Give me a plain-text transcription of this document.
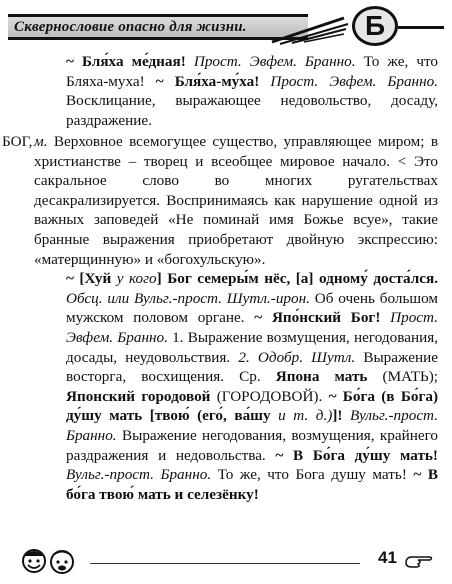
Сквернословие опасно для жизни.	Б

~ Бля́ха ме́дная! Прост. Эвфем. Бранно. То же, что Бляха-муха! ~ Бля́ха-му́ха! Прост. Эвфем. Бранно. Восклицание, выражающее недовольство, досаду, раздражение.

БОГ, м. Верховное всемогущее существо, управляющее миром; в христианстве – творец и всеобщее мировое начало. < Это сакральное слово во многих ругательствах десакрализируется. Воспринимаясь как нарушение одной из важных заповедей «Не поминай имя Божье всуе», такие бранные выражения приобретают двойную экспрессию: «матерщинную» и «богохульскую».

~ [Хуй у кого] Бог семеры́м нёс, [а] одному́ доста́лся. Обсц. или Вульг.-прост. Шутл.-ирон. Об очень большом мужском половом органе. ~ Япо́нский Бог! Прост. Эвфем. Бранно. 1. Выражение возмущения, негодования, досады, неудовольствия. 2. Одобр. Шутл. Выражение восторга, восхищения. Ср. Япона мать (МАТЬ); Японский городовой (ГОРОДОВОЙ). ~ Бо́га (в Бо́га) ду́шу мать [твою́ (его́, ва́шу и т. д.)]! Вульг.-прост. Бранно. Выражение негодования, возмущения, крайнего раздражения и недовольства. ~ В Бо́га ду́шу мать! Вульг.-прост. Бранно. То же, что Бога душу мать! ~ В бо́га твою́ мать и селезёнку!

41
